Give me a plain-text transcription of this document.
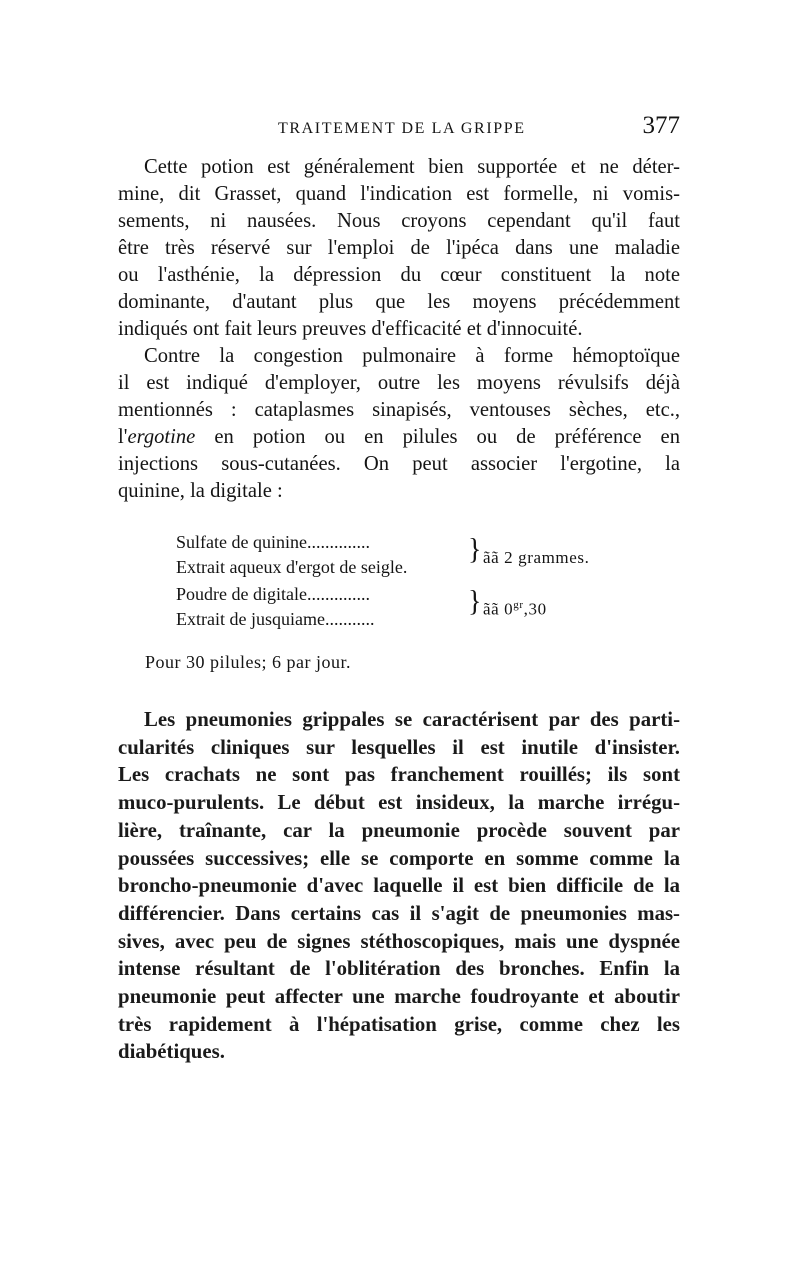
TRAITEMENT DE LA GRIPPE	377
Cette potion est généralement bien supportée et ne déter-
mine, dit Grasset, quand l'indication est formelle, ni vomis-
sements, ni nausées. Nous croyons cependant qu'il faut
être très réservé sur l'emploi de l'ipéca dans une maladie
ou l'asthénie, la dépression du cœur constituent la note
dominante, d'autant plus que les moyens précédemment
indiqués ont fait leurs preuves d'efficacité et d'innocuité.
Contre la congestion pulmonaire à forme hémoptoïque
il est indiqué d'employer, outre les moyens révulsifs déjà
mentionnés : cataplasmes sinapisés, ventouses sèches, etc.,
l'ergotine en potion ou en pilules ou de préférence en
injections sous-cutanées. On peut associer l'ergotine, la
quinine, la digitale :
Sulfate de quinine..............
Extrait aqueux d'ergot de seigle.
Poudre de digitale..............
Extrait de jusquiame...........
}
}
ãã 2 grammes.
ãã $0^{gr},30$
Pour 30 pilules; 6 par jour.
Les pneumonies grippales se caractérisent par des parti-
cularités cliniques sur lesquelles il est inutile d'insister.
Les crachats ne sont pas franchement rouillés; ils sont
muco-purulents. Le début est insideux, la marche irrégu-
lière, traînante, car la pneumonie procède souvent par
poussées successives; elle se comporte en somme comme la
broncho-pneumonie d'avec laquelle il est bien difficile de la
différencier. Dans certains cas il s'agit de pneumonies mas-
sives, avec peu de signes stéthoscopiques, mais une dyspnée
intense résultant de l'oblitération des bronches. Enfin la
pneumonie peut affecter une marche foudroyante et aboutir
très rapidement à l'hépatisation grise, comme chez les
diabétiques.
